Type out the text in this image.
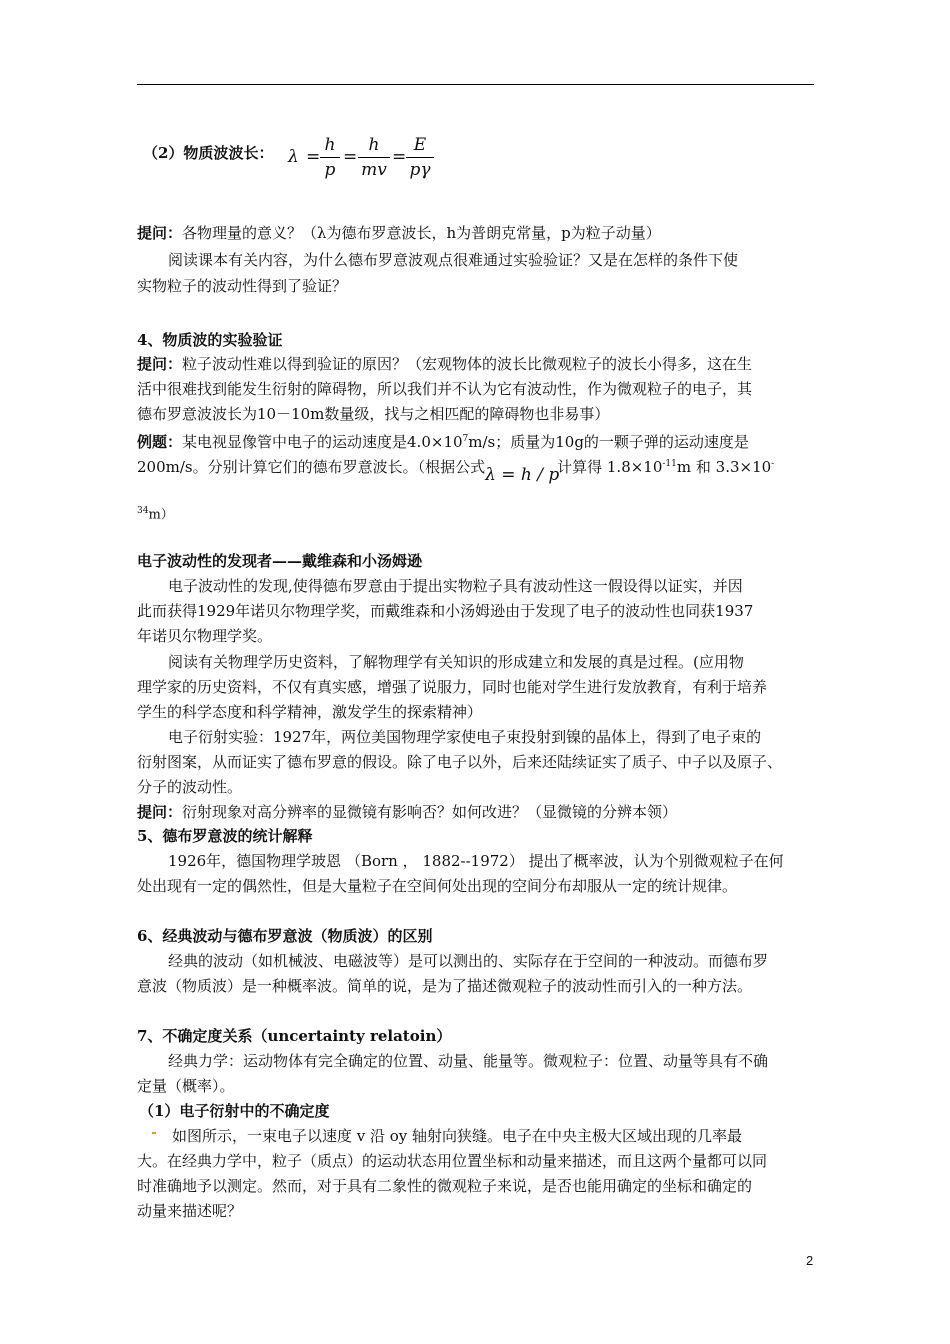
（2）物质波波长： λ =
h
p
=
h
mv
=
E
pγ
提问：各物理量的意义？（λ为德布罗意波长，h为普朗克常量，p为粒子动量）
阅读课本有关内容，为什么德布罗意波观点很难通过实验验证？又是在怎样的条件下使
实物粒子的波动性得到了验证？
4、物质波的实验验证
提问：粒子波动性难以得到验证的原因？（宏观物体的波长比微观粒子的波长小得多，这在生
活中很难找到能发生衍射的障碍物，所以我们并不认为它有波动性，作为微观粒子的电子，其
德布罗意波波长为10－10m数量级，找与之相匹配的障碍物也非易事）
例题：某电视显像管中电子的运动速度是$4.0\times 10^7m/s$；质量为10g的一颗子弹的运动速度是
200m/s。分别计算它们的德布罗意波长。（根据公式λ = h / p计算得 $1.8\times 10^{-11}m$ 和 3.3×10-
$^{34}$m）
电子波动性的发现者——戴维森和小汤姆逊
电子波动性的发现,使得德布罗意由于提出实物粒子具有波动性这一假设得以证实，并因
此而获得1929年诺贝尔物理学奖，而戴维森和小汤姆逊由于发现了电子的波动性也同获1937
年诺贝尔物理学奖。
阅读有关物理学历史资料，了解物理学有关知识的形成建立和发展的真是过程。(应用物
理学家的历史资料，不仅有真实感，增强了说服力，同时也能对学生进行发放教育，有利于培养
学生的科学态度和科学精神，激发学生的探索精神）
电子衍射实验：1927年，两位美国物理学家使电子束投射到镍的晶体上，得到了电子束的
衍射图案，从而证实了德布罗意的假设。除了电子以外，后来还陆续证实了质子、中子以及原子、
分子的波动性。
提问：衍射现象对高分辨率的显微镜有影响否？如何改进？（显微镜的分辨本领）
5、德布罗意波的统计解释
1926年，德国物理学玻恩 （Born ， 1882--1972） 提出了概率波，认为个别微观粒子在何
处出现有一定的偶然性，但是大量粒子在空间何处出现的空间分布却服从一定的统计规律。
6、经典波动与德布罗意波（物质波）的区别
经典的波动（如机械波、电磁波等）是可以测出的、实际存在于空间的一种波动。而德布罗
意波（物质波）是一种概率波。简单的说，是为了描述微观粒子的波动性而引入的一种方法。
7、不确定度关系（uncertainty relatoin）
经典力学：运动物体有完全确定的位置、动量、能量等。微观粒子：位置、动量等具有不确
定量（概率）。
（1）电子衍射中的不确定度
如图所示，一束电子以速度 v 沿 oy 轴射向狭缝。电子在中央主极大区域出现的几率最
大。在经典力学中，粒子（质点）的运动状态用位置坐标和动量来描述，而且这两个量都可以同
时准确地予以测定。然而，对于具有二象性的微观粒子来说，是否也能用确定的坐标和确定的
动量来描述呢？
2
